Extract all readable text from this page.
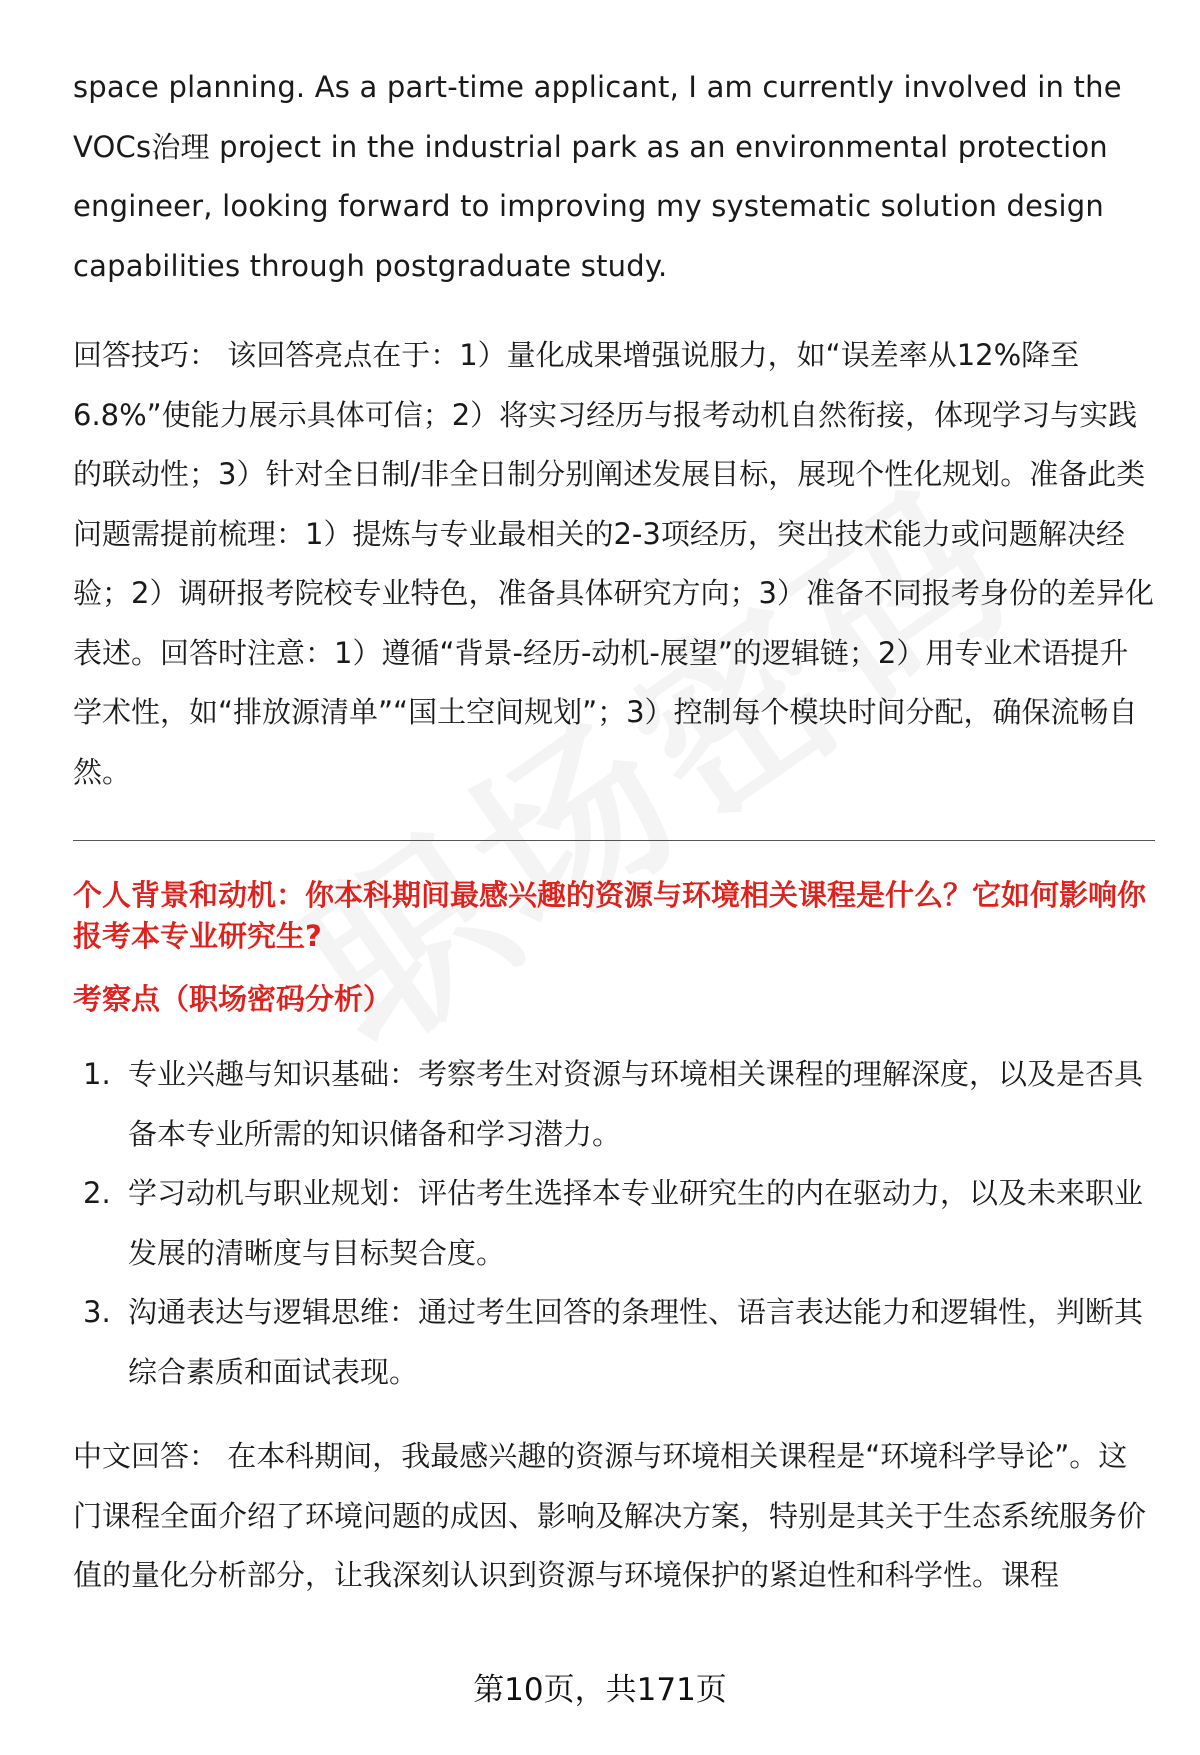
space planning. As a part-time applicant, I am currently involved in the VOCs治理 project in the industrial park as an environmental protection engineer, looking forward to improving my systematic solution design capabilities through postgraduate study.

回答技巧： 该回答亮点在于：1）量化成果增强说服力，如“误差率从12%降至6.8%”使能力展示具体可信；2）将实习经历与报考动机自然衔接，体现学习与实践的联动性；3）针对全日制/非全日制分别阐述发展目标，展现个性化规划。准备此类问题需提前梳理：1）提炼与专业最相关的2-3项经历，突出技术能力或问题解决经验；2）调研报考院校专业特色，准备具体研究方向；3）准备不同报考身份的差异化表述。回答时注意：1）遵循“背景-经历-动机-展望”的逻辑链；2）用专业术语提升学术性，如“排放源清单”“国土空间规划”；3）控制每个模块时间分配，确保流畅自然。

个人背景和动机：你本科期间最感兴趣的资源与环境相关课程是什么？它如何影响你报考本专业研究生?

考察点（职场密码分析）

1. 专业兴趣与知识基础：考察考生对资源与环境相关课程的理解深度，以及是否具备本专业所需的知识储备和学习潜力。
2. 学习动机与职业规划：评估考生选择本专业研究生的内在驱动力，以及未来职业发展的清晰度与目标契合度。
3. 沟通表达与逻辑思维：通过考生回答的条理性、语言表达能力和逻辑性，判断其综合素质和面试表现。

中文回答： 在本科期间，我最感兴趣的资源与环境相关课程是“环境科学导论”。这门课程全面介绍了环境问题的成因、影响及解决方案，特别是其关于生态系统服务价值的量化分析部分，让我深刻认识到资源与环境保护的紧迫性和科学性。课程

第10页，共171页
